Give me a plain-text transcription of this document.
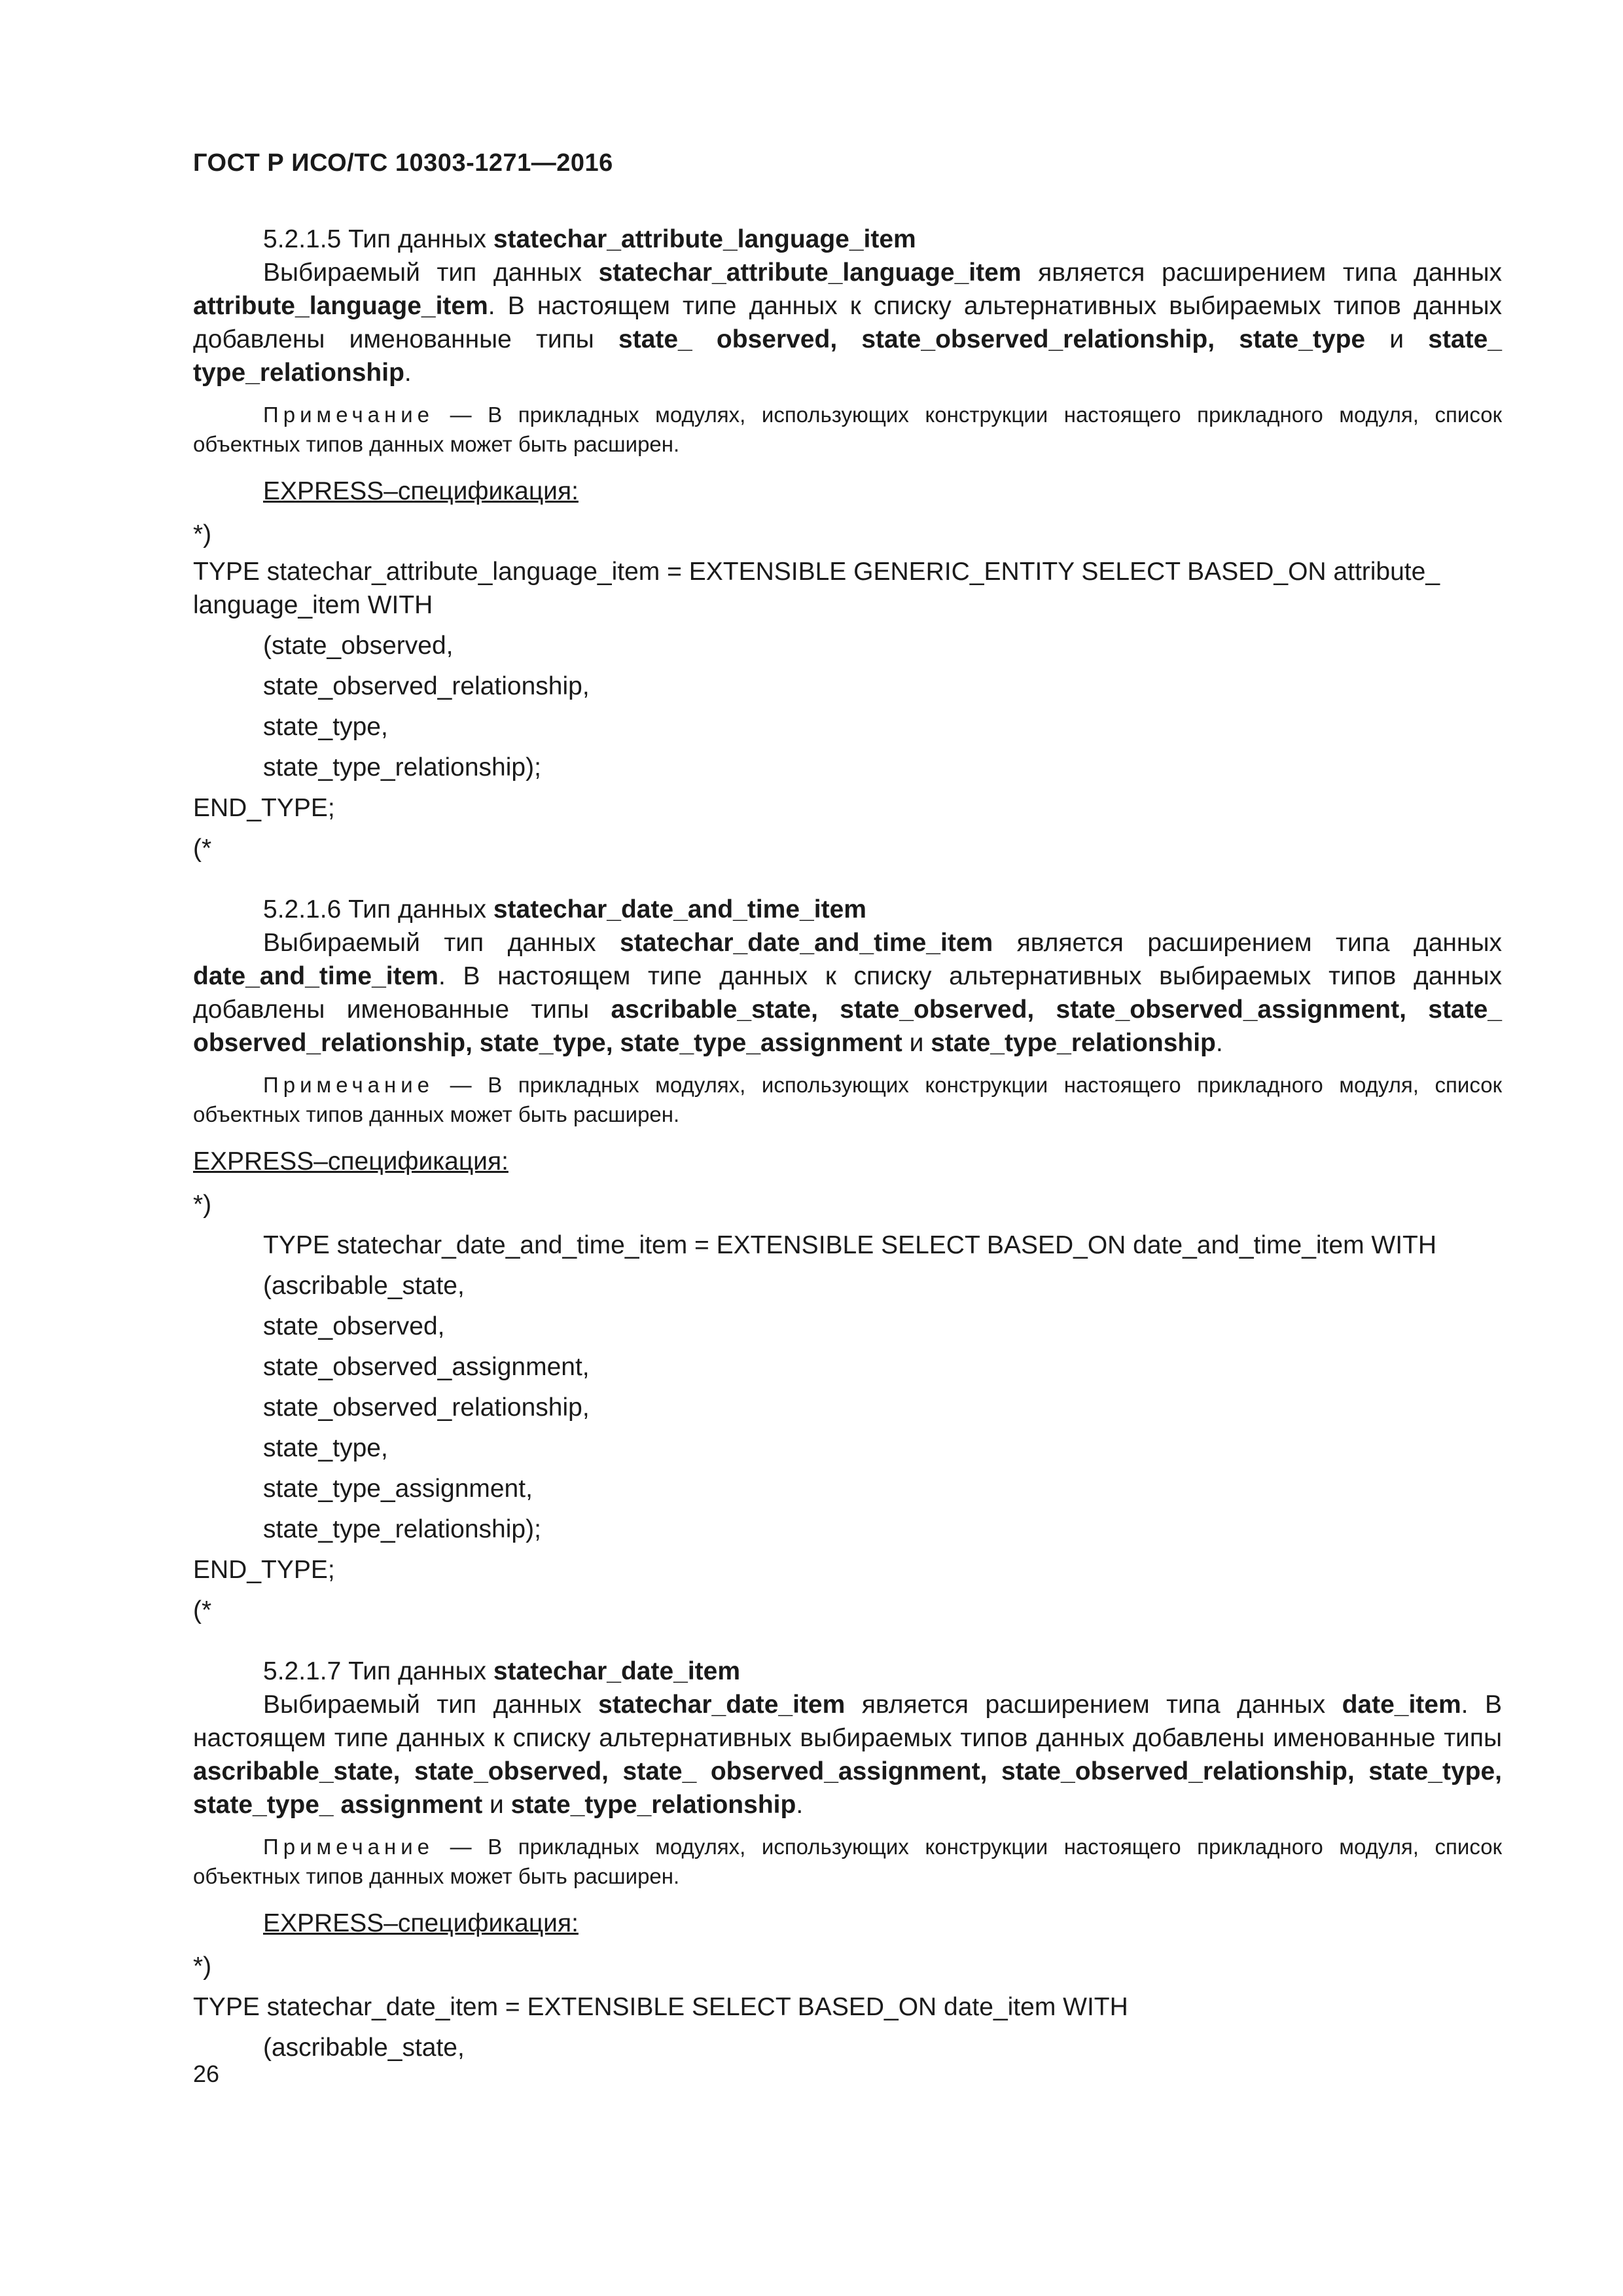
ГОСТ Р ИСО/ТС 10303-1271—2016

5.2.1.5 Тип данных statechar_attribute_language_item

Выбираемый тип данных statechar_attribute_language_item является расширением типа данных attribute_language_item. В настоящем типе данных к списку альтернативных выбираемых типов данных добавлены именованные типы state_ observed, state_observed_relationship, state_type и state_ type_relationship.

Примечание — В прикладных модулях, использующих конструкции настоящего прикладного модуля, список объектных типов данных может быть расширен.

EXPRESS–спецификация:

*)

TYPE statechar_attribute_language_item = EXTENSIBLE GENERIC_ENTITY SELECT BASED_ON attribute_ language_item WITH

(state_observed,

state_observed_relationship,

state_type,

state_type_relationship);

END_TYPE;

(*

5.2.1.6 Тип данных statechar_date_and_time_item

Выбираемый тип данных statechar_date_and_time_item является расширением типа данных date_and_time_item. В настоящем типе данных к списку альтернативных выбираемых типов данных добавлены именованные типы ascribable_state, state_observed, state_observed_assignment, state_ observed_relationship, state_type, state_type_assignment и state_type_relationship.

Примечание — В прикладных модулях, использующих конструкции настоящего прикладного модуля, список объектных типов данных может быть расширен.

EXPRESS–спецификация:

*)

TYPE statechar_date_and_time_item = EXTENSIBLE SELECT BASED_ON date_and_time_item WITH

(ascribable_state,

state_observed,

state_observed_assignment,

state_observed_relationship,

state_type,

state_type_assignment,

state_type_relationship);

END_TYPE;

(*

5.2.1.7 Тип данных statechar_date_item

Выбираемый тип данных statechar_date_item является расширением типа данных date_item. В настоящем типе данных к списку альтернативных выбираемых типов данных добавлены именованные типы ascribable_state, state_observed, state_ observed_assignment, state_observed_relationship, state_type, state_type_ assignment и state_type_relationship.

Примечание — В прикладных модулях, использующих конструкции настоящего прикладного модуля, список объектных типов данных может быть расширен.

EXPRESS–спецификация:

*)

TYPE statechar_date_item = EXTENSIBLE SELECT BASED_ON date_item WITH

(ascribable_state,

26
